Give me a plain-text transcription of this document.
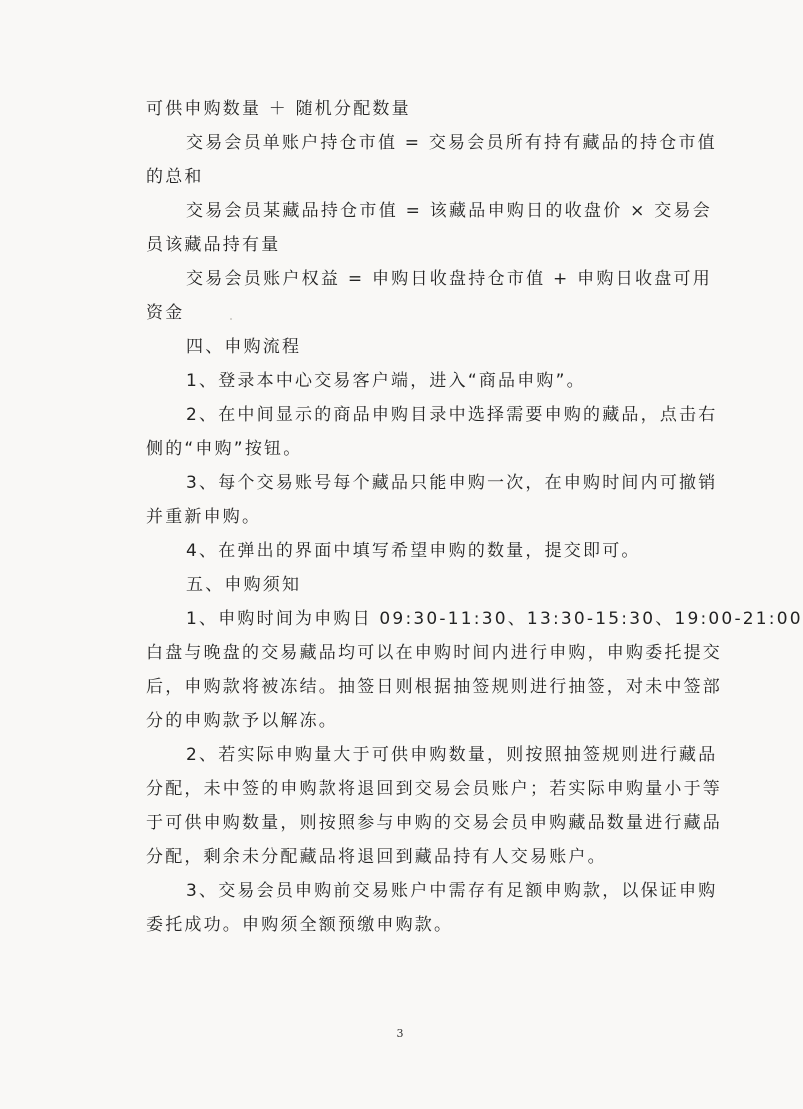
可供申购数量 ＋ 随机分配数量
交易会员单账户持仓市值 = 交易会员所有持有藏品的持仓市值
的总和
交易会员某藏品持仓市值 = 该藏品申购日的收盘价 × 交易会
员该藏品持有量
交易会员账户权益 = 申购日收盘持仓市值 + 申购日收盘可用
资金
四、申购流程
1、登录本中心交易客户端，进入“商品申购”。
2、在中间显示的商品申购目录中选择需要申购的藏品，点击右
侧的“申购”按钮。
3、每个交易账号每个藏品只能申购一次，在申购时间内可撤销
并重新申购。
4、在弹出的界面中填写希望申购的数量，提交即可。
五、申购须知
1、申购时间为申购日 09:30-11:30、13:30-15:30、19:00-21:00
白盘与晚盘的交易藏品均可以在申购时间内进行申购，申购委托提交
后，申购款将被冻结。抽签日则根据抽签规则进行抽签，对未中签部
分的申购款予以解冻。
2、若实际申购量大于可供申购数量，则按照抽签规则进行藏品
分配，未中签的申购款将退回到交易会员账户；若实际申购量小于等
于可供申购数量，则按照参与申购的交易会员申购藏品数量进行藏品
分配，剩余未分配藏品将退回到藏品持有人交易账户。
3、交易会员申购前交易账户中需存有足额申购款，以保证申购
委托成功。申购须全额预缴申购款。
3
